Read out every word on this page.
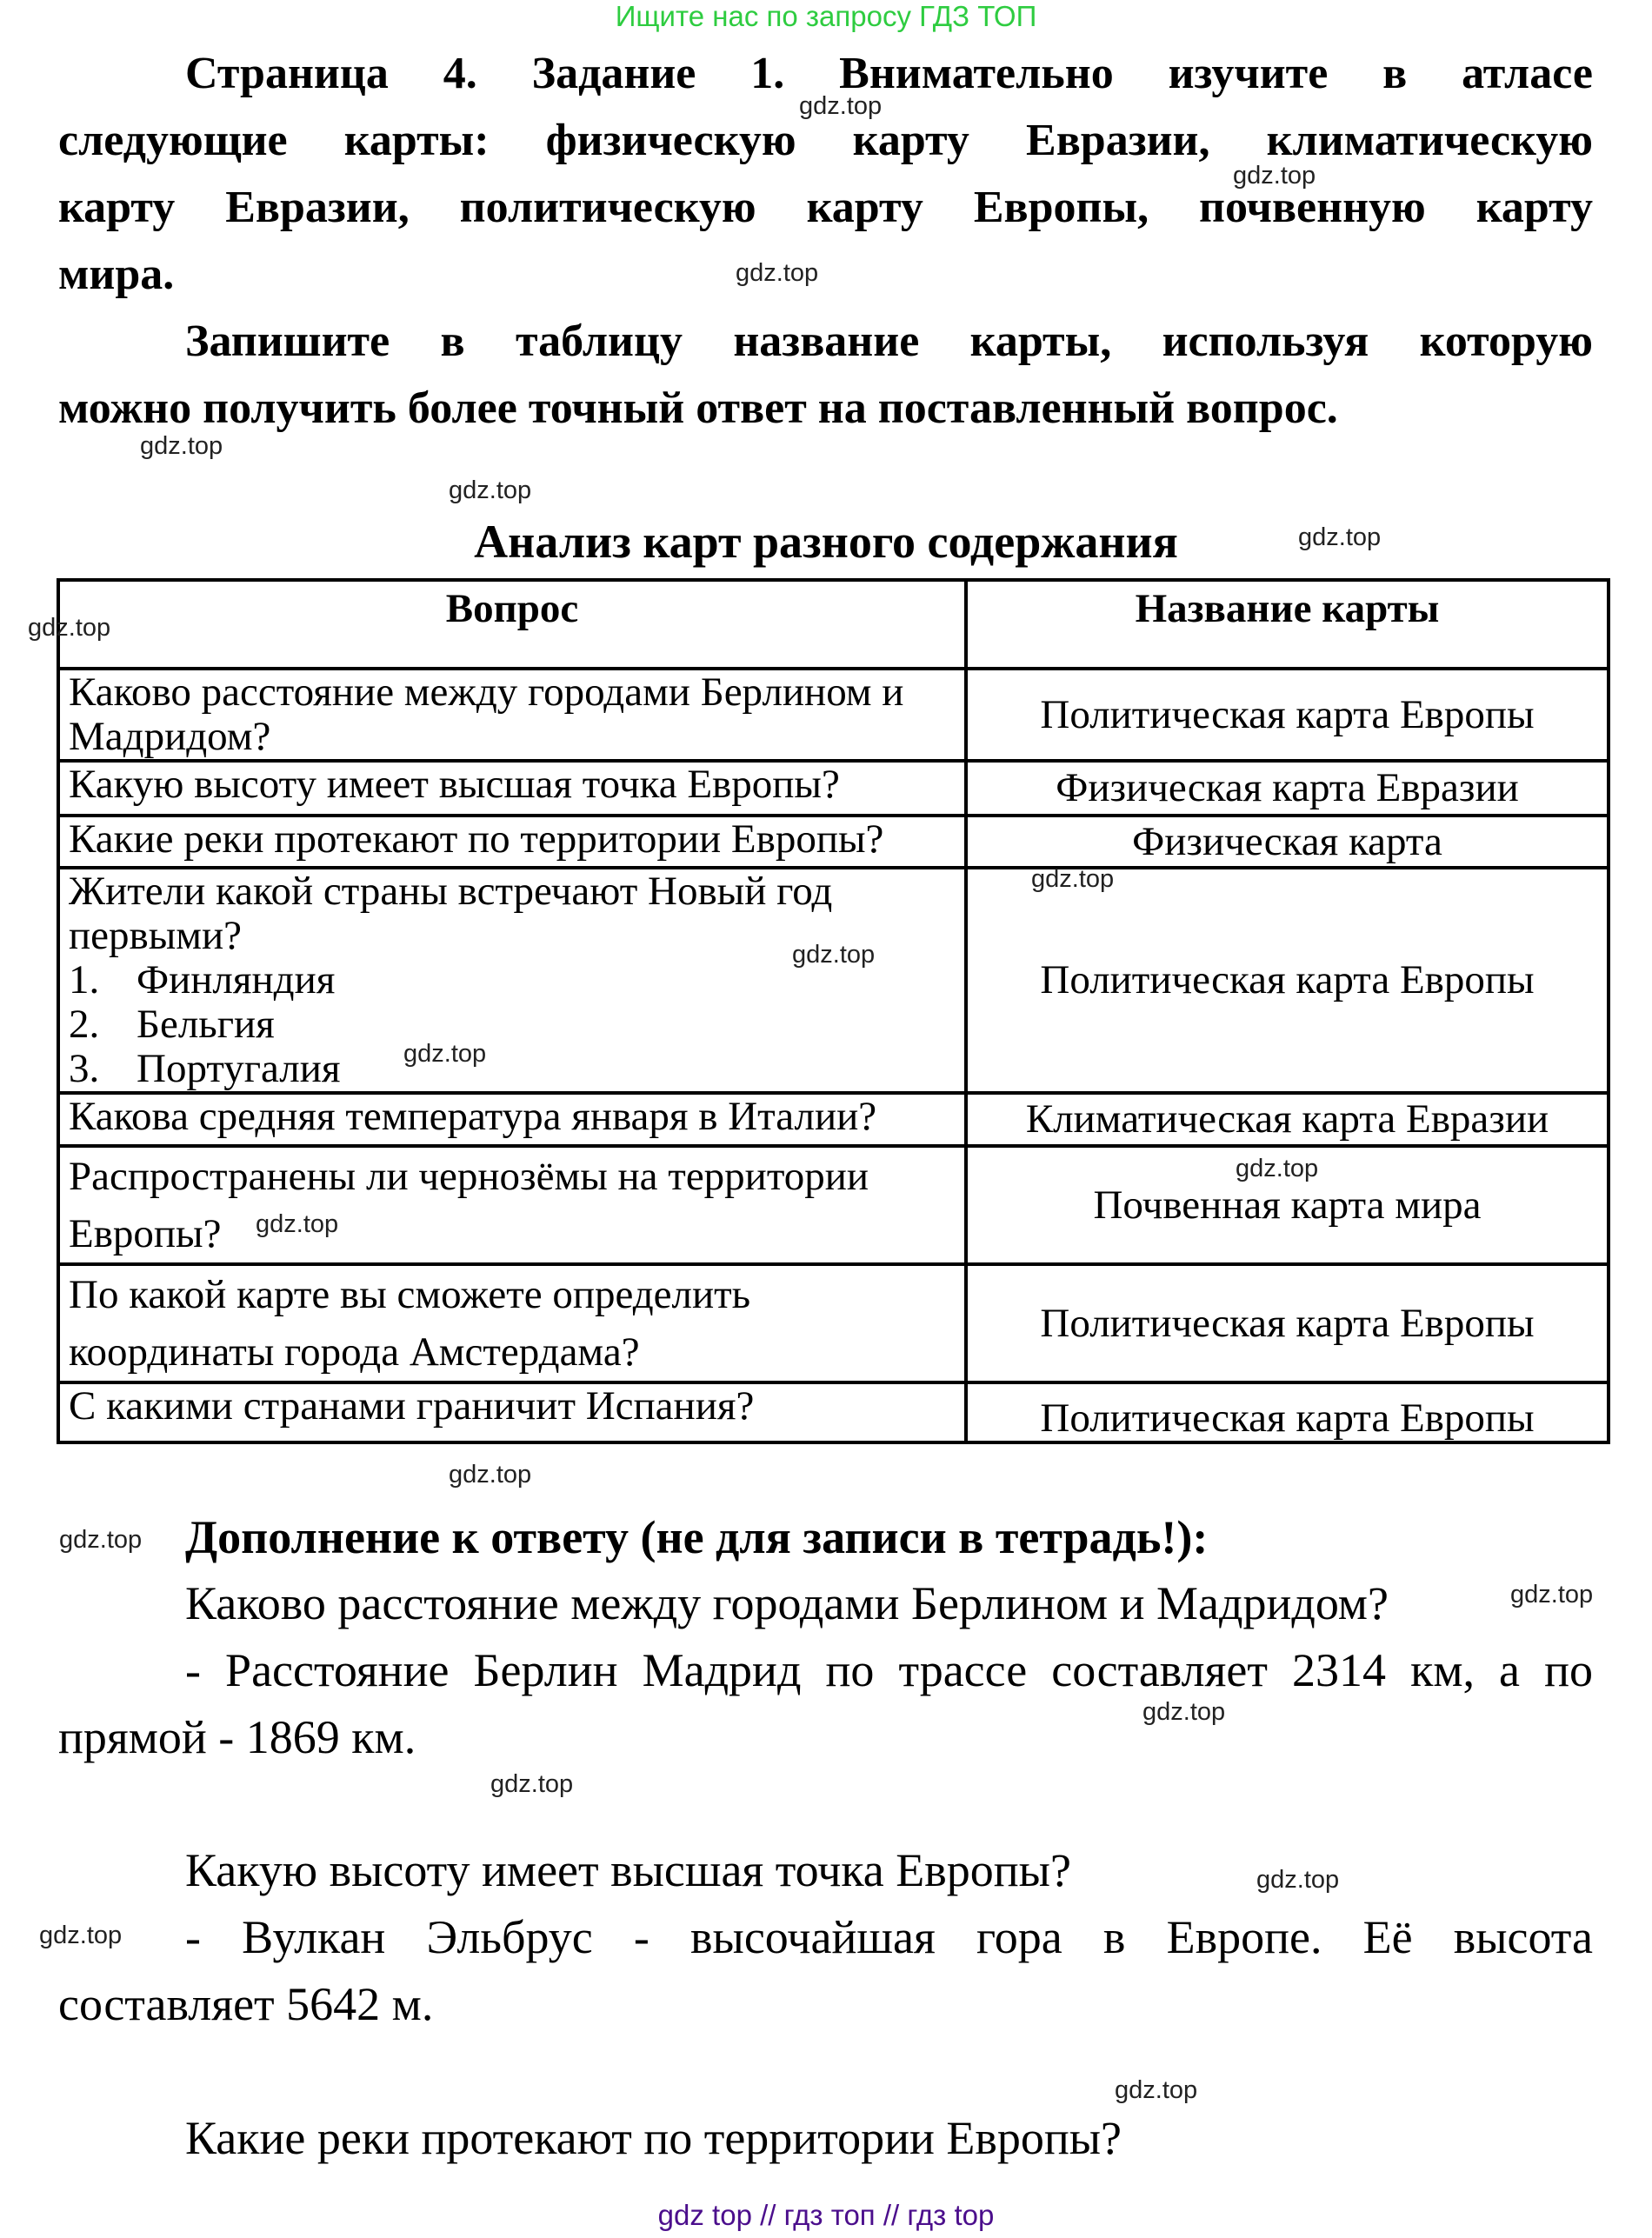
Ищите нас по запросу ГДЗ ТОП
Страница 4. Задание 1. Внимательно изучите в атласе
следующие карты: физическую карту Евразии, климатическую
карту Евразии, политическую карту Европы, почвенную карту
мира.
Запишите в таблицу название карты, используя которую
можно получить более точный ответ на поставленный вопрос.
Анализ карт разного содержания
Вопрос	Название карты
Каково расстояние между городами Берлином и Мадридом?	Политическая карта Европы
Какую высоту имеет высшая точка Европы?	Физическая карта Евразии
Какие реки протекают по территории Европы?	Физическая карта

Жители какой страны встречают Новый год первыми?
1. Финляндия
2. Бельгия
3. Португалия
	Политическая карта Европы
Какова средняя температура января в Италии?	Климатическая карта Евразии
Распространены ли чернозёмы на территории Европы?	Почвенная карта мира
По какой карте вы сможете определить координаты города Амстердама?	Политическая карта Европы
С какими странами граничит Испания?	Политическая карта Европы
Дополнение к ответу (не для записи в тетрадь!):
Каково расстояние между городами Берлином и Мадридом?
- Расстояние Берлин Мадрид по трассе составляет 2314 км, а по
прямой - 1869 км.
Какую высоту имеет высшая точка Европы?
- Вулкан Эльбрус - высочайшая гора в Европе. Её высота
составляет 5642 м.
Какие реки протекают по территории Европы?
gdz.top
gdz.top
gdz.top
gdz.top
gdz.top
gdz.top
gdz.top
gdz.top
gdz.top
gdz.top
gdz.top
gdz.top
gdz.top
gdz.top
gdz.top
gdz.top
gdz.top
gdz.top
gdz.top
gdz.top
gdz top // гдз топ // гдз top
